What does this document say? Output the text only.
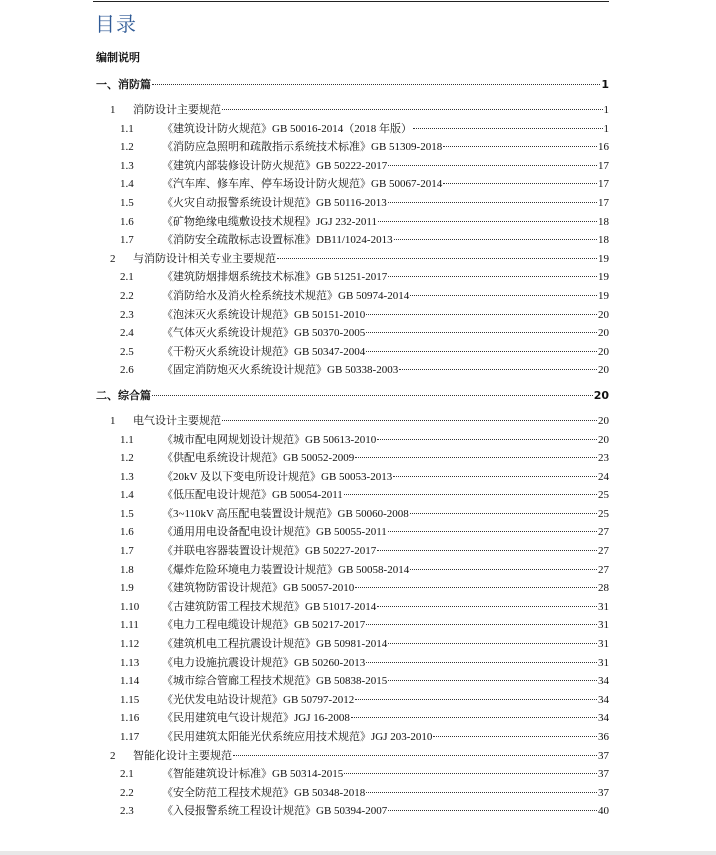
目录
编制说明
一、消防篇	1
1	消防设计主要规范	1
1.1	《建筑设计防火规范》GB 50016-2014（2018 年版）	1
1.2	《消防应急照明和疏散指示系统技术标准》GB 51309-2018	16
1.3	《建筑内部装修设计防火规范》GB 50222-2017	17
1.4	《汽车库、修车库、停车场设计防火规范》GB 50067-2014	17
1.5	《火灾自动报警系统设计规范》GB 50116-2013	17
1.6	《矿物绝缘电缆敷设技术规程》JGJ 232-2011	18
1.7	《消防安全疏散标志设置标准》DB11/1024-2013	18
2	与消防设计相关专业主要规范	19
2.1	《建筑防烟排烟系统技术标准》GB 51251-2017	19
2.2	《消防给水及消火栓系统技术规范》GB 50974-2014	19
2.3	《泡沫灭火系统设计规范》GB 50151-2010	20
2.4	《气体灭火系统设计规范》GB 50370-2005	20
2.5	《干粉灭火系统设计规范》GB 50347-2004	20
2.6	《固定消防炮灭火系统设计规范》GB 50338-2003	20
二、综合篇	20
1	电气设计主要规范	20
1.1	《城市配电网规划设计规范》GB 50613-2010	20
1.2	《供配电系统设计规范》GB 50052-2009	23
1.3	《20kV 及以下变电所设计规范》GB 50053-2013	24
1.4	《低压配电设计规范》GB 50054-2011	25
1.5	《3~110kV 高压配电装置设计规范》GB 50060-2008	25
1.6	《通用用电设备配电设计规范》GB 50055-2011	27
1.7	《并联电容器装置设计规范》GB 50227-2017	27
1.8	《爆炸危险环境电力装置设计规范》GB 50058-2014	27
1.9	《建筑物防雷设计规范》GB 50057-2010	28
1.10	《古建筑防雷工程技术规范》GB 51017-2014	31
1.11	《电力工程电缆设计规范》GB 50217-2017	31
1.12	《建筑机电工程抗震设计规范》GB 50981-2014	31
1.13	《电力设施抗震设计规范》GB 50260-2013	31
1.14	《城市综合管廊工程技术规范》GB 50838-2015	34
1.15	《光伏发电站设计规范》GB 50797-2012	34
1.16	《民用建筑电气设计规范》JGJ 16-2008	34
1.17	《民用建筑太阳能光伏系统应用技术规范》JGJ 203-2010	36
2	智能化设计主要规范	37
2.1	《智能建筑设计标准》GB 50314-2015	37
2.2	《安全防范工程技术规范》GB 50348-2018	37
2.3	《入侵报警系统工程设计规范》GB 50394-2007	40
